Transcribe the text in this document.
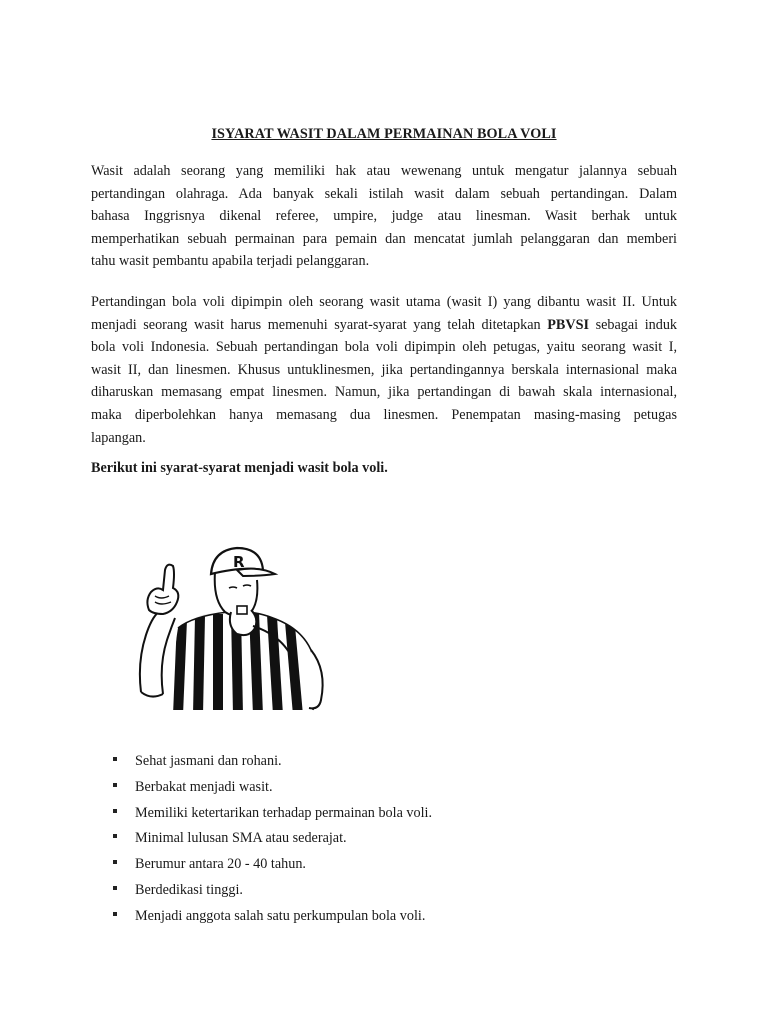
ISYARAT WASIT DALAM PERMAINAN BOLA VOLI

Wasit adalah seorang yang memiliki hak atau wewenang untuk mengatur jalannya sebuah
pertandingan olahraga. Ada banyak sekali istilah wasit dalam sebuah pertandingan. Dalam
bahasa Inggrisnya dikenal referee, umpire, judge atau linesman. Wasit berhak untuk
memperhatikan sebuah permainan para pemain dan mencatat jumlah pelanggaran dan memberi
tahu wasit pembantu apabila terjadi pelanggaran.

Pertandingan bola voli dipimpin oleh seorang wasit utama (wasit I) yang dibantu wasit II. Untuk
menjadi seorang wasit harus memenuhi syarat-syarat yang telah ditetapkan PBVSI sebagai induk
bola voli Indonesia. Sebuah pertandingan bola voli dipimpin oleh petugas, yaitu seorang wasit I,
wasit II, dan linesmen. Khusus untuklinesmen, jika pertandingannya berskala internasional maka
diharuskan memasang empat linesmen. Namun, jika pertandingan di bawah skala internasional,
maka diperbolehkan hanya memasang dua linesmen. Penempatan masing-masing petugas
lapangan.

Berikut ini syarat-syarat menjadi wasit bola voli.

R
Sehat jasmani dan rohani.
Berbakat menjadi wasit.
Memiliki ketertarikan terhadap permainan bola voli.
Minimal lulusan SMA atau sederajat.
Berumur antara 20 - 40 tahun.
Berdedikasi tinggi.
Menjadi anggota salah satu perkumpulan bola voli.
